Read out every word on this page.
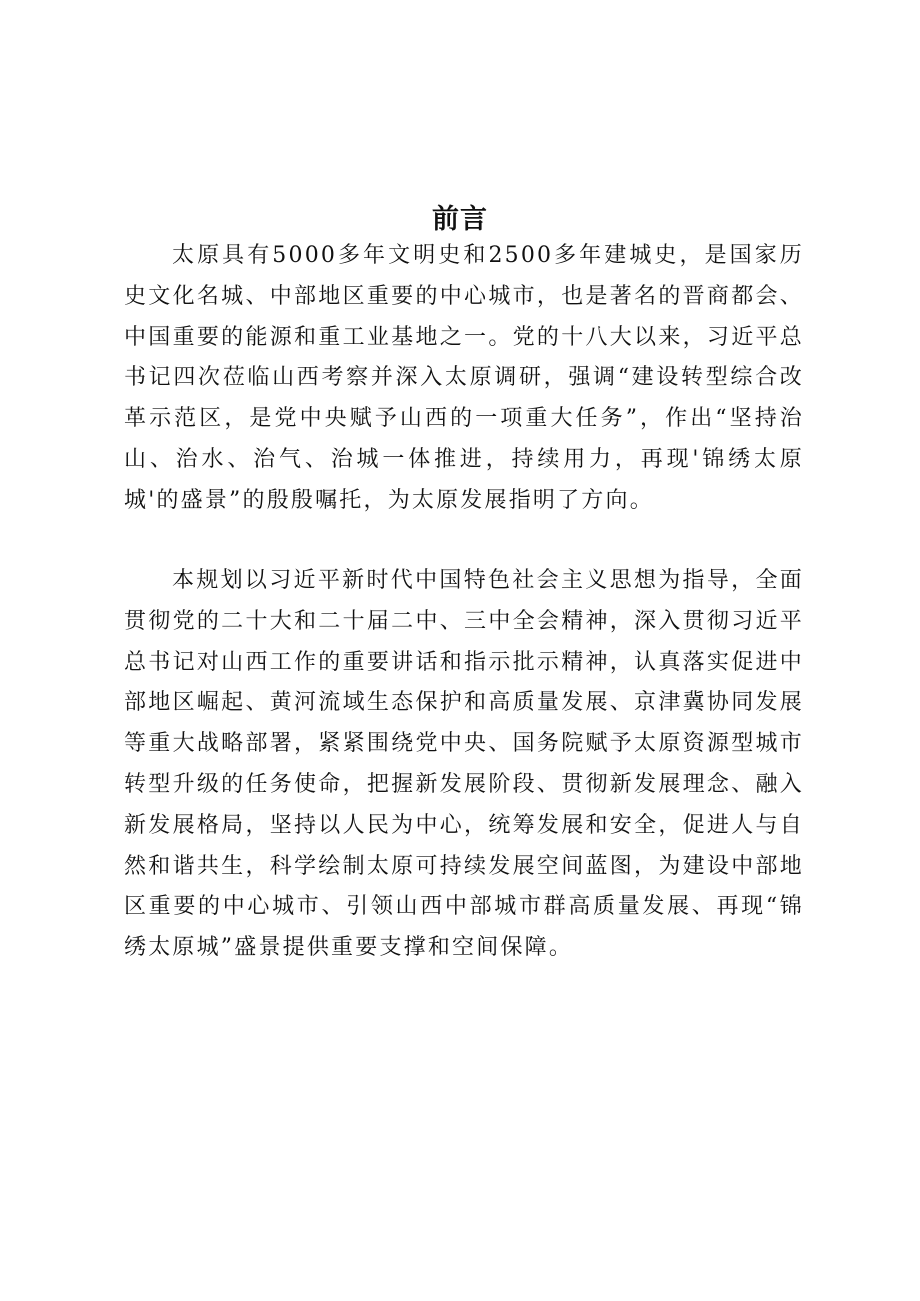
前言

太原具有5000多年文明史和2500多年建城史，是国家历史文化名城、中部地区重要的中心城市，也是著名的晋商都会、中国重要的能源和重工业基地之一。党的十八大以来，习近平总书记四次莅临山西考察并深入太原调研，强调“建设转型综合改革示范区，是党中央赋予山西的一项重大任务”，作出“坚持治山、治水、治气、治城一体推进，持续用力，再现'锦绣太原城'的盛景”的殷殷嘱托，为太原发展指明了方向。

本规划以习近平新时代中国特色社会主义思想为指导，全面贯彻党的二十大和二十届二中、三中全会精神，深入贯彻习近平总书记对山西工作的重要讲话和指示批示精神，认真落实促进中部地区崛起、黄河流域生态保护和高质量发展、京津冀协同发展等重大战略部署，紧紧围绕党中央、国务院赋予太原资源型城市转型升级的任务使命，把握新发展阶段、贯彻新发展理念、融入新发展格局，坚持以人民为中心，统筹发展和安全，促进人与自然和谐共生，科学绘制太原可持续发展空间蓝图，为建设中部地区重要的中心城市、引领山西中部城市群高质量发展、再现“锦绣太原城”盛景提供重要支撑和空间保障。
